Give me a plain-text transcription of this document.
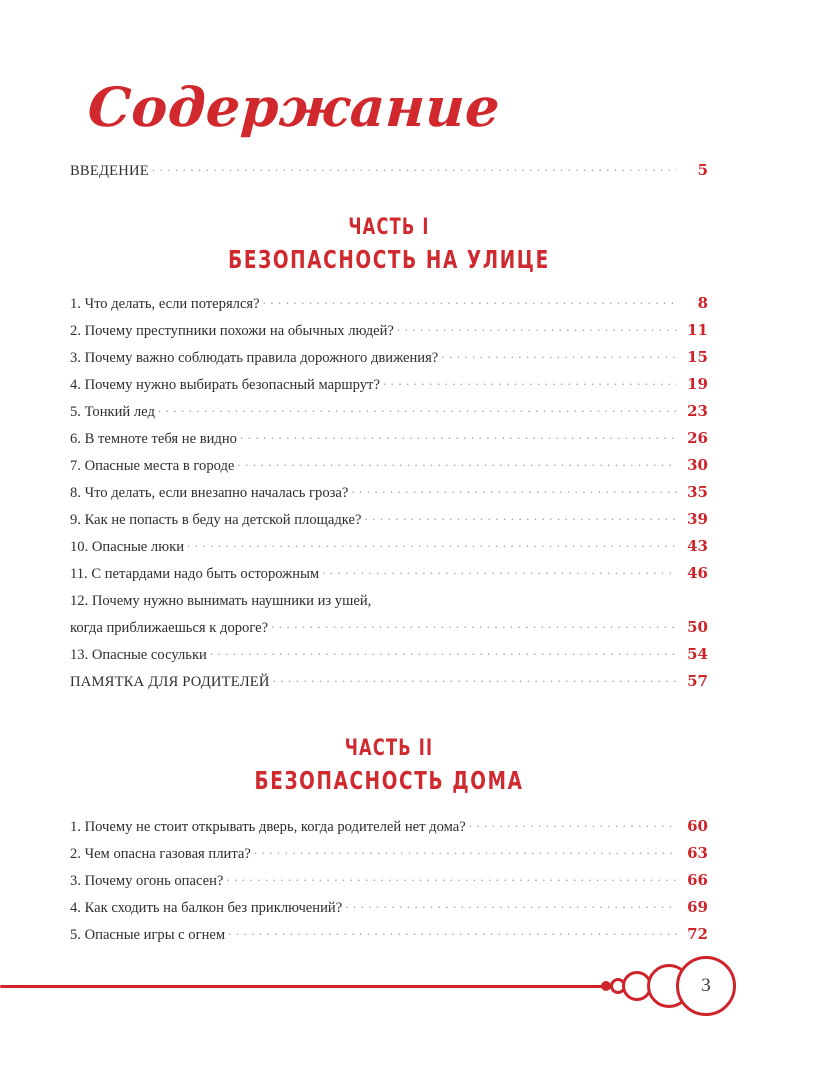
Содержание
ВВЕДЕНИЕ . . .	5
ЧАСТЬ I
БЕЗОПАСНОСТЬ НА УЛИЦЕ
1. Что делать, если потерялся? . . .	8
2. Почему преступники похожи на обычных людей? . . .	11
3. Почему важно соблюдать правила дорожного движения? . . .	15
4. Почему нужно выбирать безопасный маршрут? . . .	19
5. Тонкий лед . . .	23
6. В темноте тебя не видно . . .	26
7. Опасные места в городе . . .	30
8. Что делать, если внезапно началась гроза? . . .	35
9. Как не попасть в беду на детской площадке? . . .	39
10. Опасные люки . . .	43
11. С петардами надо быть осторожным . . .	46
12. Почему нужно вынимать наушники из ушей,
когда приближаешься к дороге? . . .	50
13. Опасные сосульки . . .	54
ПАМЯТКА ДЛЯ РОДИТЕЛЕЙ . . .	57
ЧАСТЬ II
БЕЗОПАСНОСТЬ ДОМА
1. Почему не стоит открывать дверь, когда родителей нет дома? . . .	60
2. Чем опасна газовая плита? . . .	63
3. Почему огонь опасен? . . .	66
4. Как сходить на балкон без приключений? . . .	69
5. Опасные игры с огнем . . .	72
3
